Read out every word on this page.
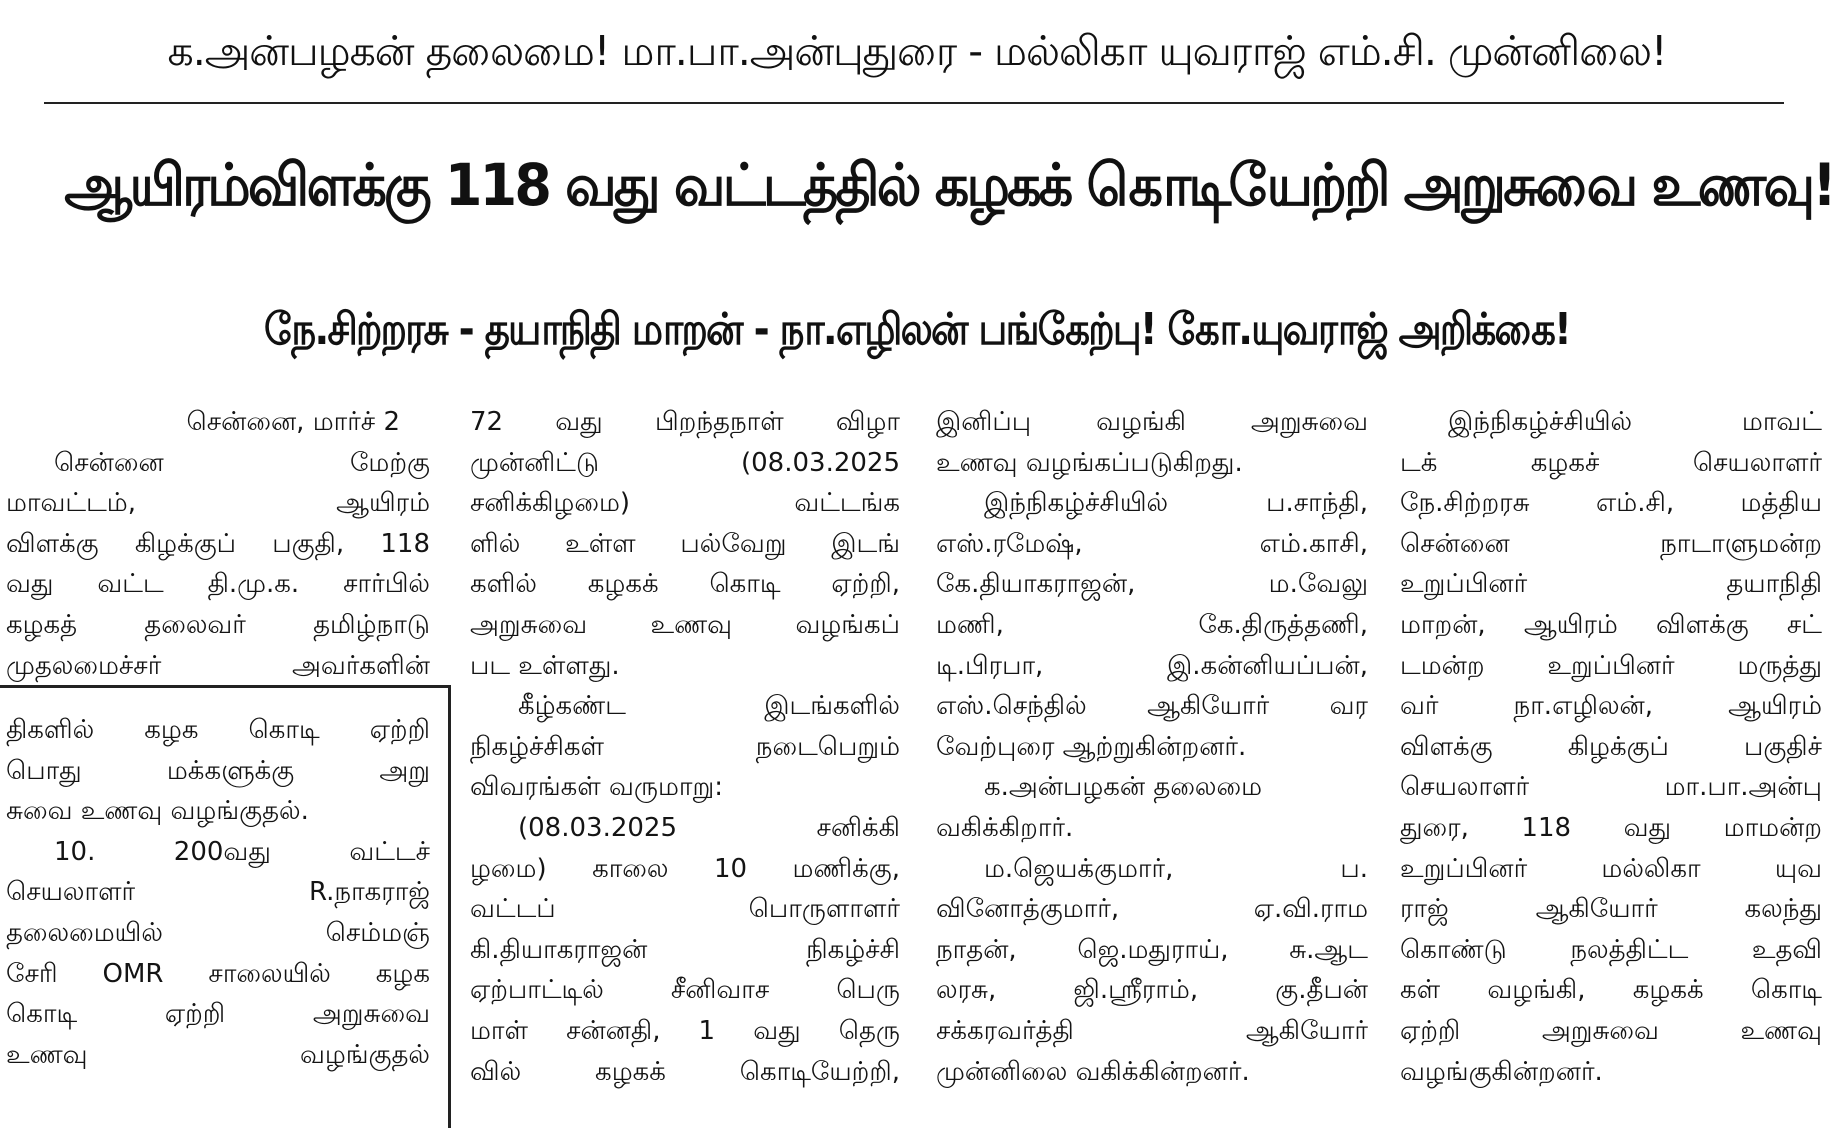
க.அன்பழகன் தலைமை! மா.பா.அன்புதுரை - மல்லிகா யுவராஜ் எம்.சி. முன்னிலை!
ஆயிரம்விளக்கு 118 வது வட்டத்தில் கழகக் கொடியேற்றி அறுசுவை உணவு!
நே.சிற்றரசு - தயாநிதி மாறன் - நா.எழிலன் பங்கேற்பு! கோ.யுவராஜ் அறிக்கை!
சென்னை, மார்ச் 2
சென்னை மேற்கு
மாவட்டம், ஆயிரம்
விளக்கு கிழக்குப் பகுதி, 118
வது வட்ட தி.மு.க. சார்பில்
கழகத் தலைவர் தமிழ்நாடு
முதலமைச்சர் அவர்களின்
திகளில் கழக கொடி ஏற்றி
பொது மக்களுக்கு அறு
சுவை உணவு வழங்குதல்.
10. 200வது வட்டச்
செயலாளர் R.நாகராஜ்
தலைமையில் செம்மஞ்
சேரி OMR சாலையில் கழக
கொடி ஏற்றி அறுசுவை
உணவு வழங்குதல்
72 வது பிறந்தநாள் விழா
முன்னிட்டு (08.03.2025
சனிக்கிழமை) வட்டங்க
ளில் உள்ள பல்வேறு இடங்
களில் கழகக் கொடி ஏற்றி,
அறுசுவை உணவு வழங்கப்
பட உள்ளது.
கீழ்கண்ட இடங்களில்
நிகழ்ச்சிகள் நடைபெறும்
விவரங்கள் வருமாறு:
(08.03.2025 சனிக்கி
ழமை) காலை 10 மணிக்கு,
வட்டப் பொருளாளர்
கி.தியாகராஜன் நிகழ்ச்சி
ஏற்பாட்டில் சீனிவாச பெரு
மாள் சன்னதி, 1 வது தெரு
வில் கழகக் கொடியேற்றி,
இனிப்பு வழங்கி அறுசுவை
உணவு வழங்கப்படுகிறது.
இந்நிகழ்ச்சியில் ப.சாந்தி,
எஸ்.ரமேஷ், எம்.காசி,
கே.தியாகராஜன், ம.வேலு
மணி, கே.திருத்தணி,
டி.பிரபா, இ.கன்னியப்பன்,
எஸ்.செந்தில் ஆகியோர் வர
வேற்புரை ஆற்றுகின்றனர்.
க.அன்பழகன் தலைமை
வகிக்கிறார்.
ம.ஜெயக்குமார், ப.
வினோத்குமார், ஏ.வி.ராம
நாதன், ஜெ.மதுராய், சு.ஆட
லரசு, ஜி.ஸ்ரீராம், கு.தீபன்
சக்கரவர்த்தி ஆகியோர்
முன்னிலை வகிக்கின்றனர்.
இந்நிகழ்ச்சியில் மாவட்
டக் கழகச் செயலாளர்
நே.சிற்றரசு எம்.சி, மத்திய
சென்னை நாடாளுமன்ற
உறுப்பினர் தயாநிதி
மாறன், ஆயிரம் விளக்கு சட்
டமன்ற உறுப்பினர் மருத்து
வர் நா.எழிலன், ஆயிரம்
விளக்கு கிழக்குப் பகுதிச்
செயலாளர் மா.பா.அன்பு
துரை, 118 வது மாமன்ற
உறுப்பினர் மல்லிகா யுவ
ராஜ் ஆகியோர் கலந்து
கொண்டு நலத்திட்ட உதவி
கள் வழங்கி, கழகக் கொடி
ஏற்றி அறுசுவை உணவு
வழங்குகின்றனர்.
